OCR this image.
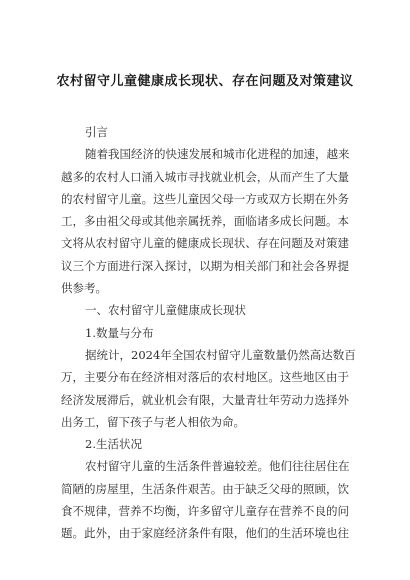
农村留守儿童健康成长现状、存在问题及对策建议
引言
随着我国经济的快速发展和城市化进程的加速，越来
越多的农村人口涌入城市寻找就业机会，从而产生了大量
的农村留守儿童。这些儿童因父母一方或双方长期在外务
工，多由祖父母或其他亲属抚养，面临诸多成长问题。本
文将从农村留守儿童的健康成长现状、存在问题及对策建
议三个方面进行深入探讨，以期为相关部门和社会各界提
供参考。
一、农村留守儿童健康成长现状
1.数量与分布
据统计，2024年全国农村留守儿童数量仍然高达数百
万，主要分布在经济相对落后的农村地区。这些地区由于
经济发展滞后，就业机会有限，大量青壮年劳动力选择外
出务工，留下孩子与老人相依为命。
2.生活状况
农村留守儿童的生活条件普遍较差。他们往往居住在
简陋的房屋里，生活条件艰苦。由于缺乏父母的照顾，饮
食不规律，营养不均衡，许多留守儿童存在营养不良的问
题。此外，由于家庭经济条件有限，他们的生活环境也往
